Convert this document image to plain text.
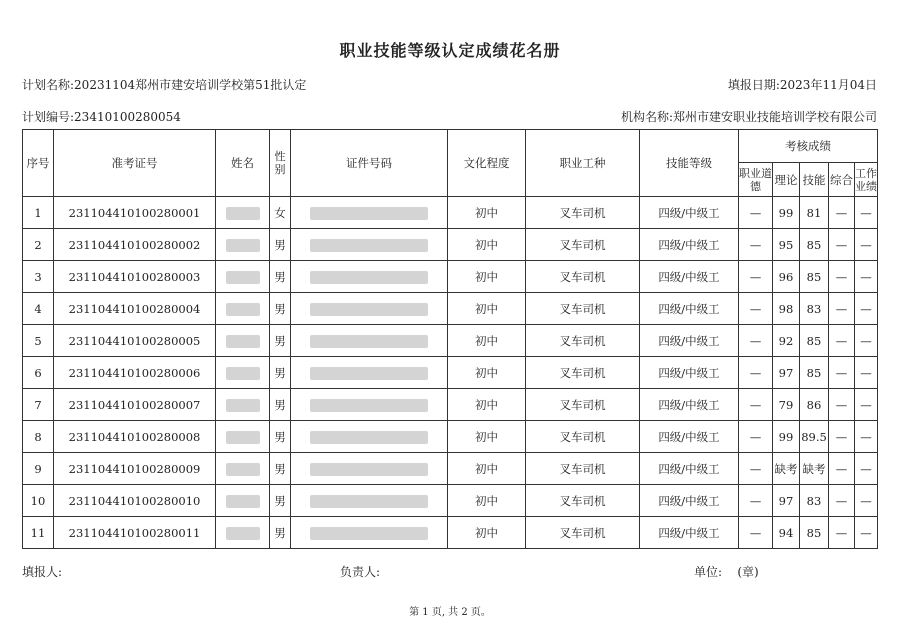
职业技能等级认定成绩花名册
计划名称:20231104郑州市建安培训学校第51批认定	填报日期:2023年11月04日
计划编号:23410100280054	机构名称:郑州市建安职业技能培训学校有限公司
序号	准考证号	姓名	性别	证件号码	文化程度	职业工种	技能等级	考核成绩				
								职业道德	理论	技能	综合	工作业绩
1	231104410100280001		女		初中	叉车司机	四级/中级工	—	99	81	—	—
2	231104410100280002		男		初中	叉车司机	四级/中级工	—	95	85	—	—
3	231104410100280003		男		初中	叉车司机	四级/中级工	—	96	85	—	—
4	231104410100280004		男		初中	叉车司机	四级/中级工	—	98	83	—	—
5	231104410100280005		男		初中	叉车司机	四级/中级工	—	92	85	—	—
6	231104410100280006		男		初中	叉车司机	四级/中级工	—	97	85	—	—
7	231104410100280007		男		初中	叉车司机	四级/中级工	—	79	86	—	—
8	231104410100280008		男		初中	叉车司机	四级/中级工	—	99	89.5	—	—
9	231104410100280009		男		初中	叉车司机	四级/中级工	—	缺考	缺考	—	—
10	231104410100280010		男		初中	叉车司机	四级/中级工	—	97	83	—	—
11	231104410100280011		男		初中	叉车司机	四级/中级工	—	94	85	—	—
填报人:	负责人:	单位: (章)
第 1 页, 共 2 页。
